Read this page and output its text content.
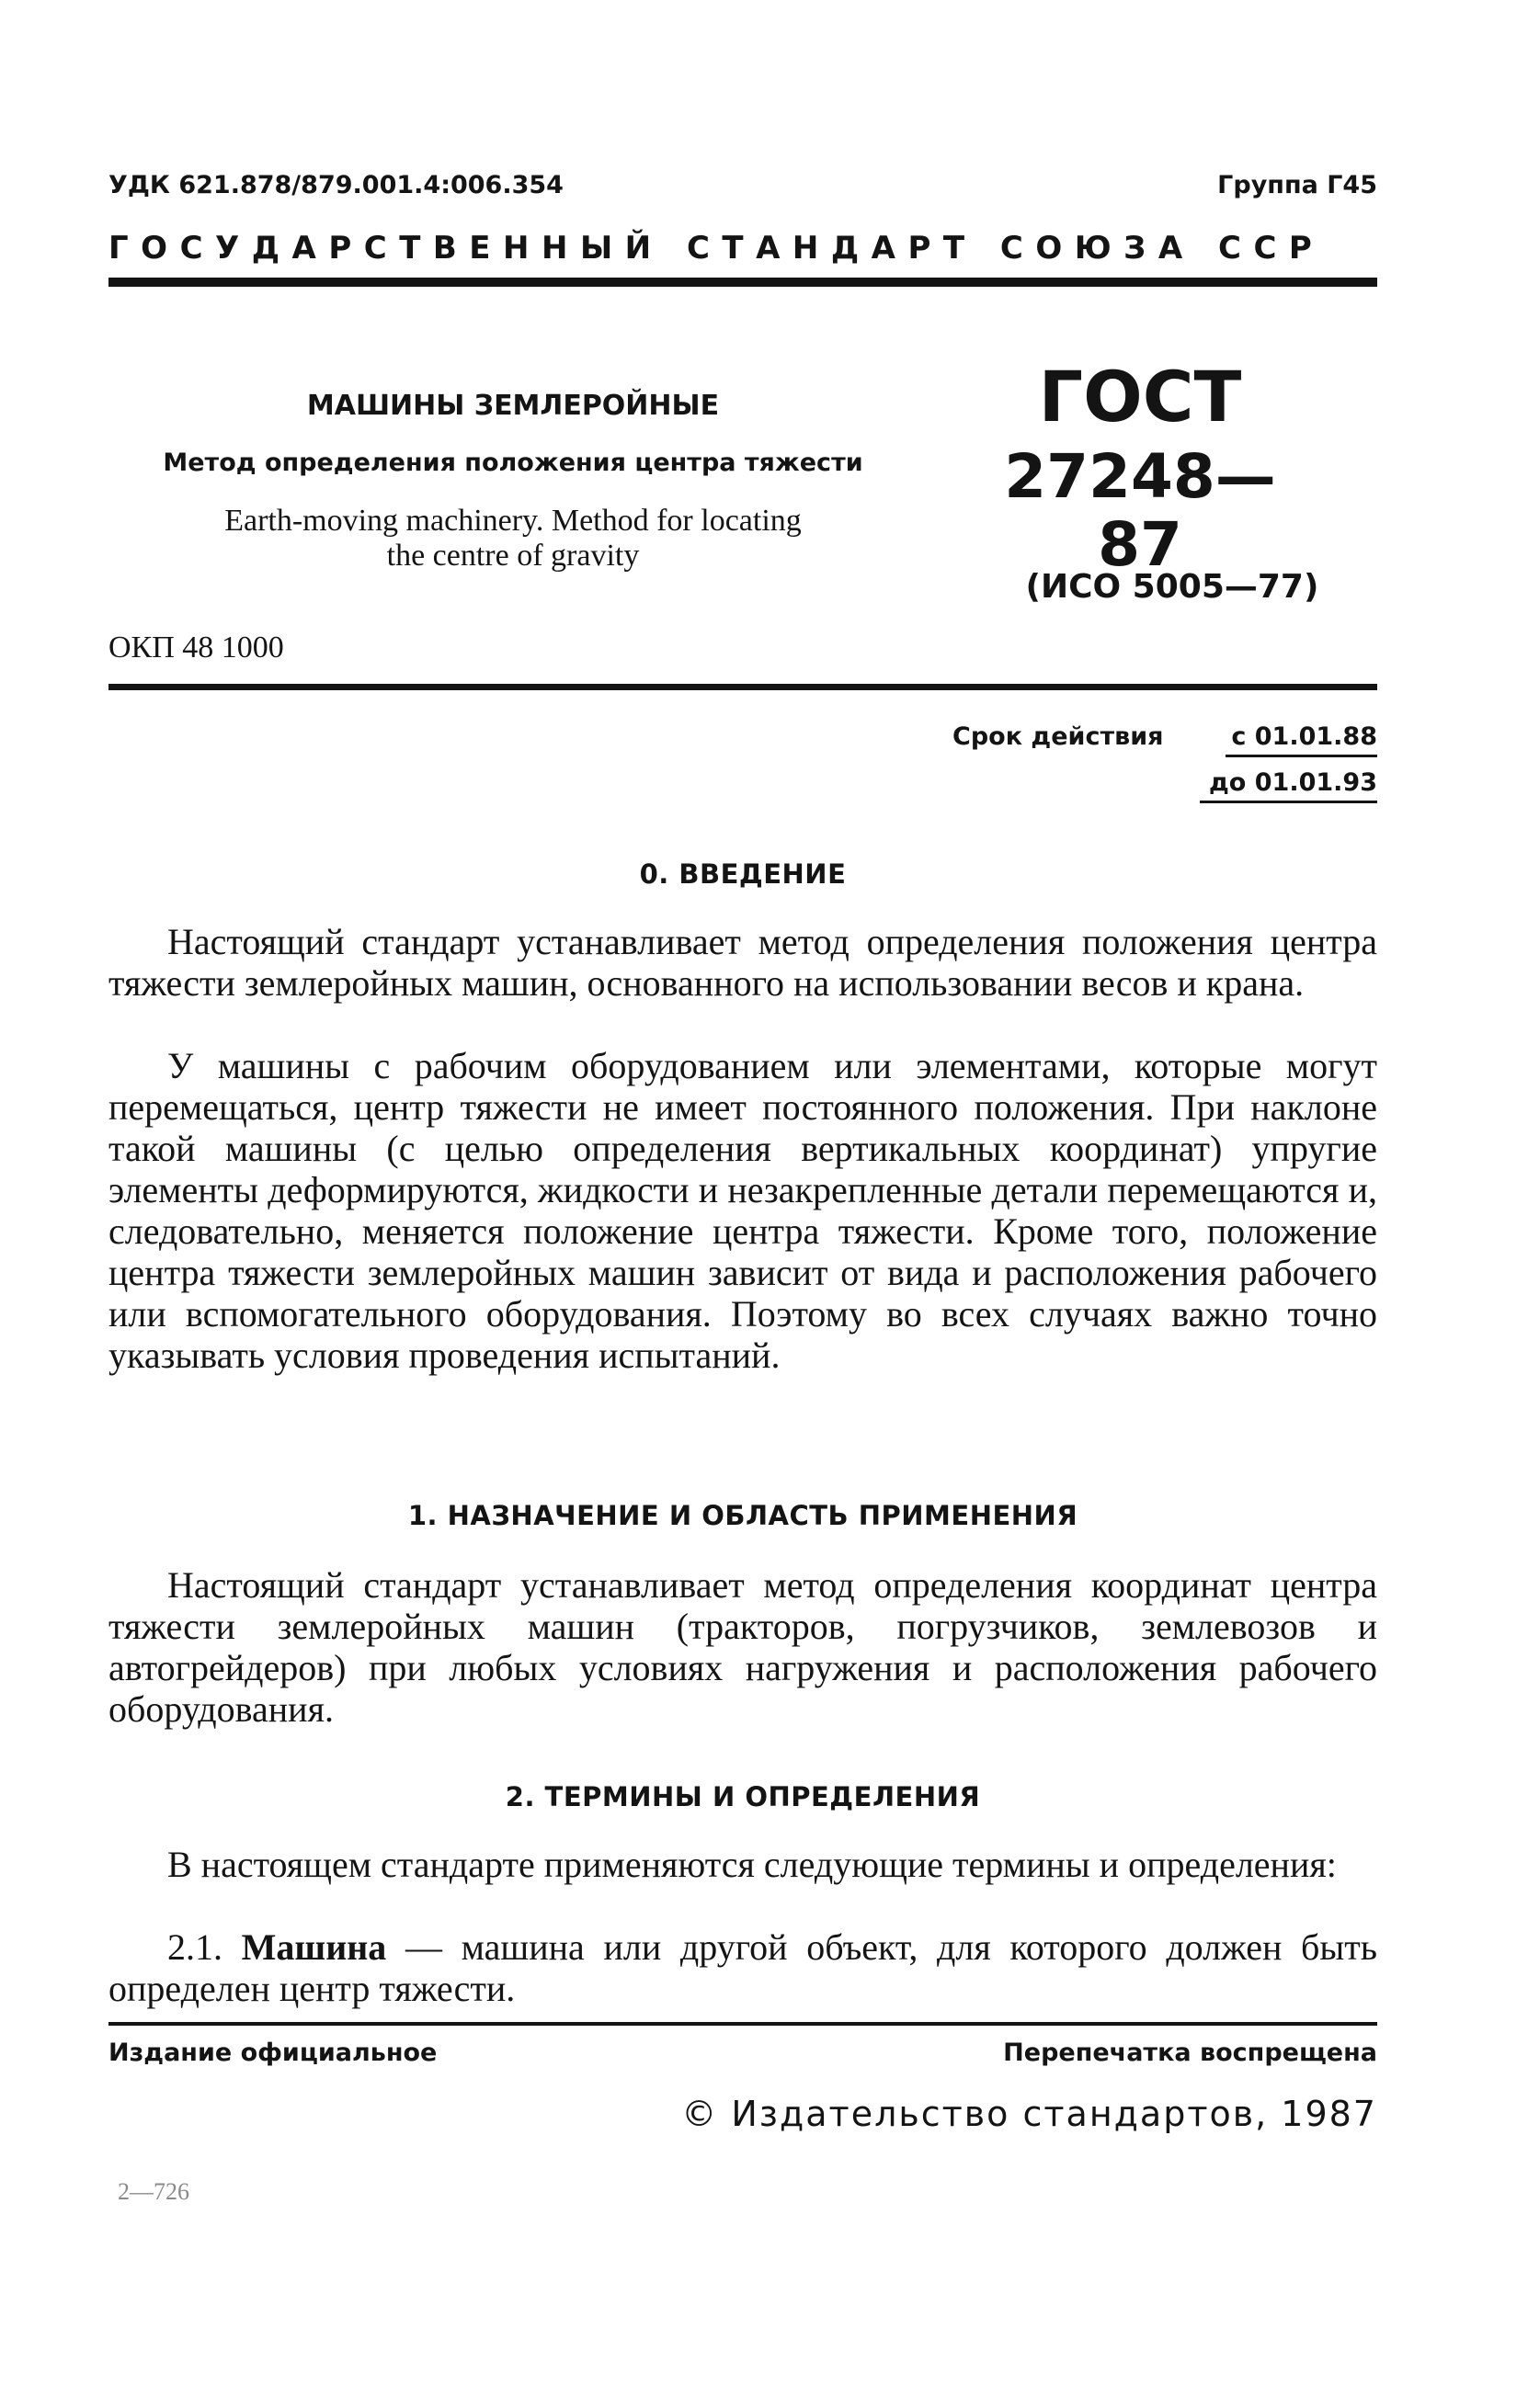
УДК 621.878/879.001.4:006.354	Группа Г45
ГОСУДАРСТВЕННЫЙ СТАНДАРТ СОЮЗА ССР
МАШИНЫ ЗЕМЛЕРОЙНЫЕ
Метод определения положения центра тяжести
Earth-moving machinery. Method for locating
the centre of gravity
ОКП 48 1000
ГОСТ
27248—87
(ИСО 5005—77)
Срок действия	с 01.01.88
до 01.01.93
0. ВВЕДЕНИЕ
Настоящий стандарт устанавливает метод определения положения центра тяжести землеройных машин, основанного на использовании весов и крана.
У машины с рабочим оборудованием или элементами, которые могут перемещаться, центр тяжести не имеет постоянного положения. При наклоне такой машины (с целью определения вертикальных координат) упругие элементы деформируются, жидкости и незакрепленные детали перемещаются и, следовательно, меняется положение центра тяжести. Кроме того, положение центра тяжести землеройных машин зависит от вида и расположения рабочего или вспомогательного оборудования. Поэтому во всех случаях важно точно указывать условия проведения испытаний.
1. НАЗНАЧЕНИЕ И ОБЛАСТЬ ПРИМЕНЕНИЯ
Настоящий стандарт устанавливает метод определения координат центра тяжести землеройных машин (тракторов, погрузчиков, землевозов и автогрейдеров) при любых условиях нагружения и расположения рабочего оборудования.
2. ТЕРМИНЫ И ОПРЕДЕЛЕНИЯ
В настоящем стандарте применяются следующие термины и определения:
2.1. Машина — машина или другой объект, для которого должен быть определен центр тяжести.
Издание официальное	Перепечатка воспрещена
© Издательство стандартов, 1987
2—726
